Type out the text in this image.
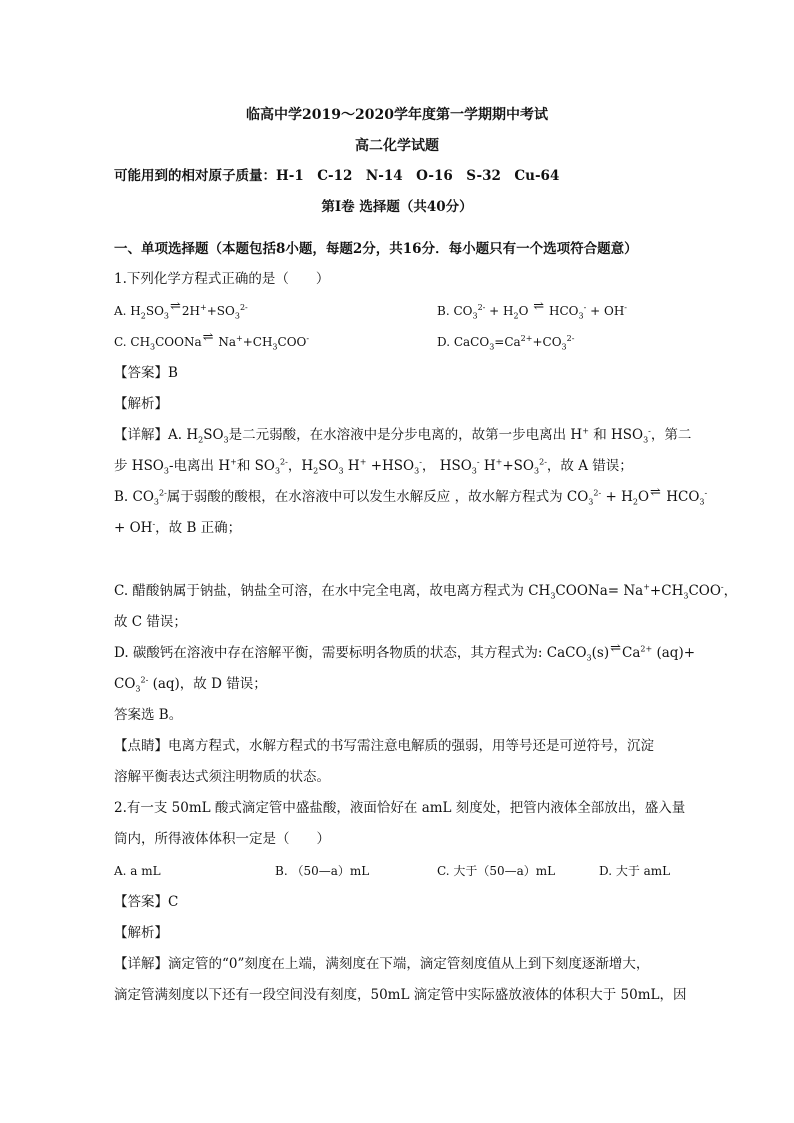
临高中学2019～2020学年度第一学期期中考试
高二化学试题
可能用到的相对原子质量：H-1　C-12　N-14　O-16　S-32　Cu-64
第Ⅰ卷 选择题（共40分）
一、单项选择题（本题包括8小题，每题2分，共16分．每小题只有一个选项符合题意）
1.下列化学方程式正确的是（　　）
A. $H_2SO_3\rightleftharpoons 2H^++SO_3^{2-}$	B. $CO_3^{2-} + H_2O$ ⇌ $HCO_3^- + OH^-$
C. $CH_3COONa\rightleftharpoons$ $Na^++CH_3COO^-$	D. $CaCO_3=Ca^{2+}+CO_3^{2-}$
【答案】B
【解析】
【详解】A. $H_2SO_3$是二元弱酸，在水溶液中是分步电离的，故第一步电离出 H+ 和 $HSO_3^-$，第二
步 $HSO_3-$电离出 H+和 $SO_3^{2-}$，$H_2SO_3$ $H^+ +HSO_3^-$， $HSO_3^-$ $H^++SO_3^{2-}$，故 A 错误；
B. $CO_3^{2-}$属于弱酸的酸根，在水溶液中可以发生水解反应 ，故水解方程式为 $CO_3^{2-}$ + $H_2O\rightleftharpoons$ $HCO_3^-$
+ OH-，故 B 正确；
C. 醋酸钠属于钠盐，钠盐全可溶，在水中完全电离，故电离方程式为 $CH_3COONa= Na^++CH_3COO^-$，
故 C 错误；
D. 碳酸钙在溶液中存在溶解平衡，需要标明各物质的状态，其方程式为: $CaCO_3(s)\rightleftharpoons Ca^{2+}$ (aq)+
$CO_3^{2-}$ (aq)，故 D 错误；
答案选 B。
【点睛】电离方程式，水解方程式的书写需注意电解质的强弱，用等号还是可逆符号，沉淀
溶解平衡表达式须注明物质的状态。
2.有一支 50mL 酸式滴定管中盛盐酸，液面恰好在 amL 刻度处，把管内液体全部放出，盛入量
筒内，所得液体体积一定是（　　）
A. a mL	B. （50—a）mL	C. 大于（50—a）mL	D. 大于 amL
【答案】C
【解析】
【详解】滴定管的“0”刻度在上端，满刻度在下端，滴定管刻度值从上到下刻度逐渐增大，
滴定管满刻度以下还有一段空间没有刻度，50mL 滴定管中实际盛放液体的体积大于 50mL，因
